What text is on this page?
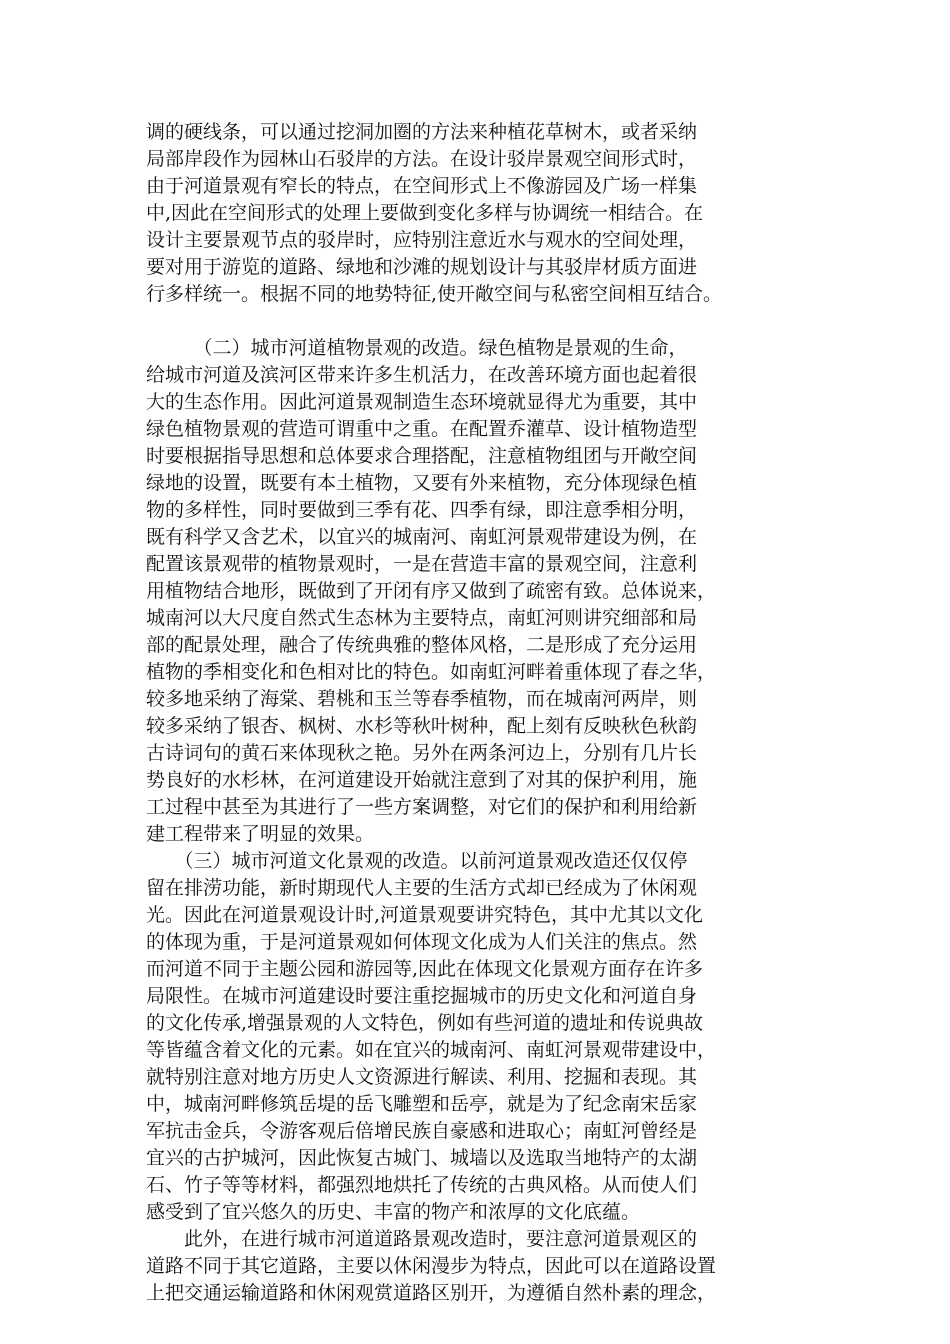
调的硬线条，可以通过挖洞加圈的方法来种植花草树木，或者采纳
局部岸段作为园林山石驳岸的方法。在设计驳岸景观空间形式时，
由于河道景观有窄长的特点，在空间形式上不像游园及广场一样集
中,因此在空间形式的处理上要做到变化多样与协调统一相结合。在
设计主要景观节点的驳岸时，应特别注意近水与观水的空间处理，
要对用于游览的道路、绿地和沙滩的规划设计与其驳岸材质方面进
行多样统一。根据不同的地势特征,使开敞空间与私密空间相互结合。
　　　（二）城市河道植物景观的改造。绿色植物是景观的生命，
给城市河道及滨河区带来许多生机活力，在改善环境方面也起着很
大的生态作用。因此河道景观制造生态环境就显得尤为重要，其中
绿色植物景观的营造可谓重中之重。在配置乔灌草、设计植物造型
时要根据指导思想和总体要求合理搭配，注意植物组团与开敞空间
绿地的设置，既要有本土植物，又要有外来植物，充分体现绿色植
物的多样性，同时要做到三季有花、四季有绿，即注意季相分明，
既有科学又含艺术，以宜兴的城南河、南虹河景观带建设为例，在
配置该景观带的植物景观时，一是在营造丰富的景观空间，注意利
用植物结合地形，既做到了开闭有序又做到了疏密有致。总体说来，
城南河以大尺度自然式生态林为主要特点，南虹河则讲究细部和局
部的配景处理，融合了传统典雅的整体风格，二是形成了充分运用
植物的季相变化和色相对比的特色。如南虹河畔着重体现了春之华，
较多地采纳了海棠、碧桃和玉兰等春季植物，而在城南河两岸，则
较多采纳了银杏、枫树、水杉等秋叶树种，配上刻有反映秋色秋韵
古诗词句的黄石来体现秋之艳。另外在两条河边上，分别有几片长
势良好的水杉林，在河道建设开始就注意到了对其的保护利用，施
工过程中甚至为其进行了一些方案调整，对它们的保护和利用给新
建工程带来了明显的效果。
　　（三）城市河道文化景观的改造。以前河道景观改造还仅仅停
留在排涝功能，新时期现代人主要的生活方式却已经成为了休闲观
光。因此在河道景观设计时,河道景观要讲究特色，其中尤其以文化
的体现为重，于是河道景观如何体现文化成为人们关注的焦点。然
而河道不同于主题公园和游园等,因此在体现文化景观方面存在许多
局限性。在城市河道建设时要注重挖掘城市的历史文化和河道自身
的文化传承,增强景观的人文特色，例如有些河道的遗址和传说典故
等皆蕴含着文化的元素。如在宜兴的城南河、南虹河景观带建设中，
就特别注意对地方历史人文资源进行解读、利用、挖掘和表现。其
中，城南河畔修筑岳堤的岳飞雕塑和岳亭，就是为了纪念南宋岳家
军抗击金兵，令游客观后倍增民族自豪感和进取心；南虹河曾经是
宜兴的古护城河，因此恢复古城门、城墙以及选取当地特产的太湖
石、竹子等等材料，都强烈地烘托了传统的古典风格。从而使人们
感受到了宜兴悠久的历史、丰富的物产和浓厚的文化底蕴。
　　此外，在进行城市河道道路景观改造时，要注意河道景观区的
道路不同于其它道路，主要以休闲漫步为特点，因此可以在道路设置
上把交通运输道路和休闲观赏道路区别开，为遵循自然朴素的理念，
